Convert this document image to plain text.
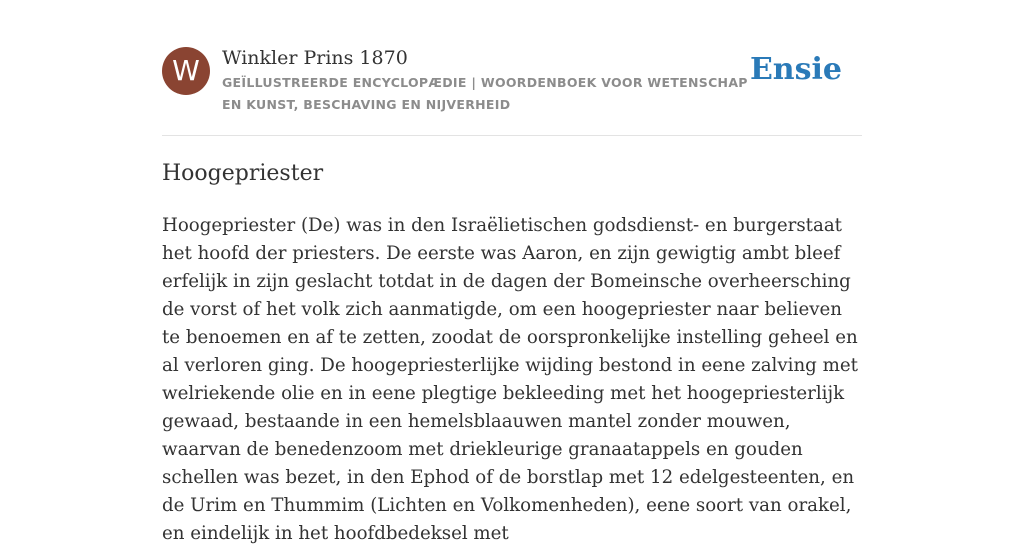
W	Winkler Prins 1870
GEÏLLUSTREERDE ENCYCLOPÆDIE | WOORDENBOEK VOOR WETENSCHAP EN KUNST, BESCHAVING EN NIJVERHEID
Ensie
Hoogepriester

Hoogepriester (De) was in den Israëlietischen godsdienst- en burgerstaat het hoofd der priesters. De eerste was Aaron, en zijn gewigtig ambt bleef erfelijk in zijn geslacht totdat in de dagen der Bomeinsche overheersching de vorst of het volk zich aanmatigde, om een hoogepriester naar believen te benoemen en af te zetten, zoodat de oorspronkelijke instelling geheel en al verloren ging. De hoogepriesterlijke wijding bestond in eene zalving met welriekende olie en in eene plegtige bekleeding met het hoogepriesterlijk gewaad, bestaande in een hemelsblaauwen mantel zonder mouwen, waarvan de benedenzoom met driekleurige granaatappels en gouden schellen was bezet, in den Ephod of de borstlap met 12 edelgesteenten, en de Urim en Thummim (Lichten en Volkomenheden), eene soort van orakel, en eindelijk in het hoofdbedeksel met
